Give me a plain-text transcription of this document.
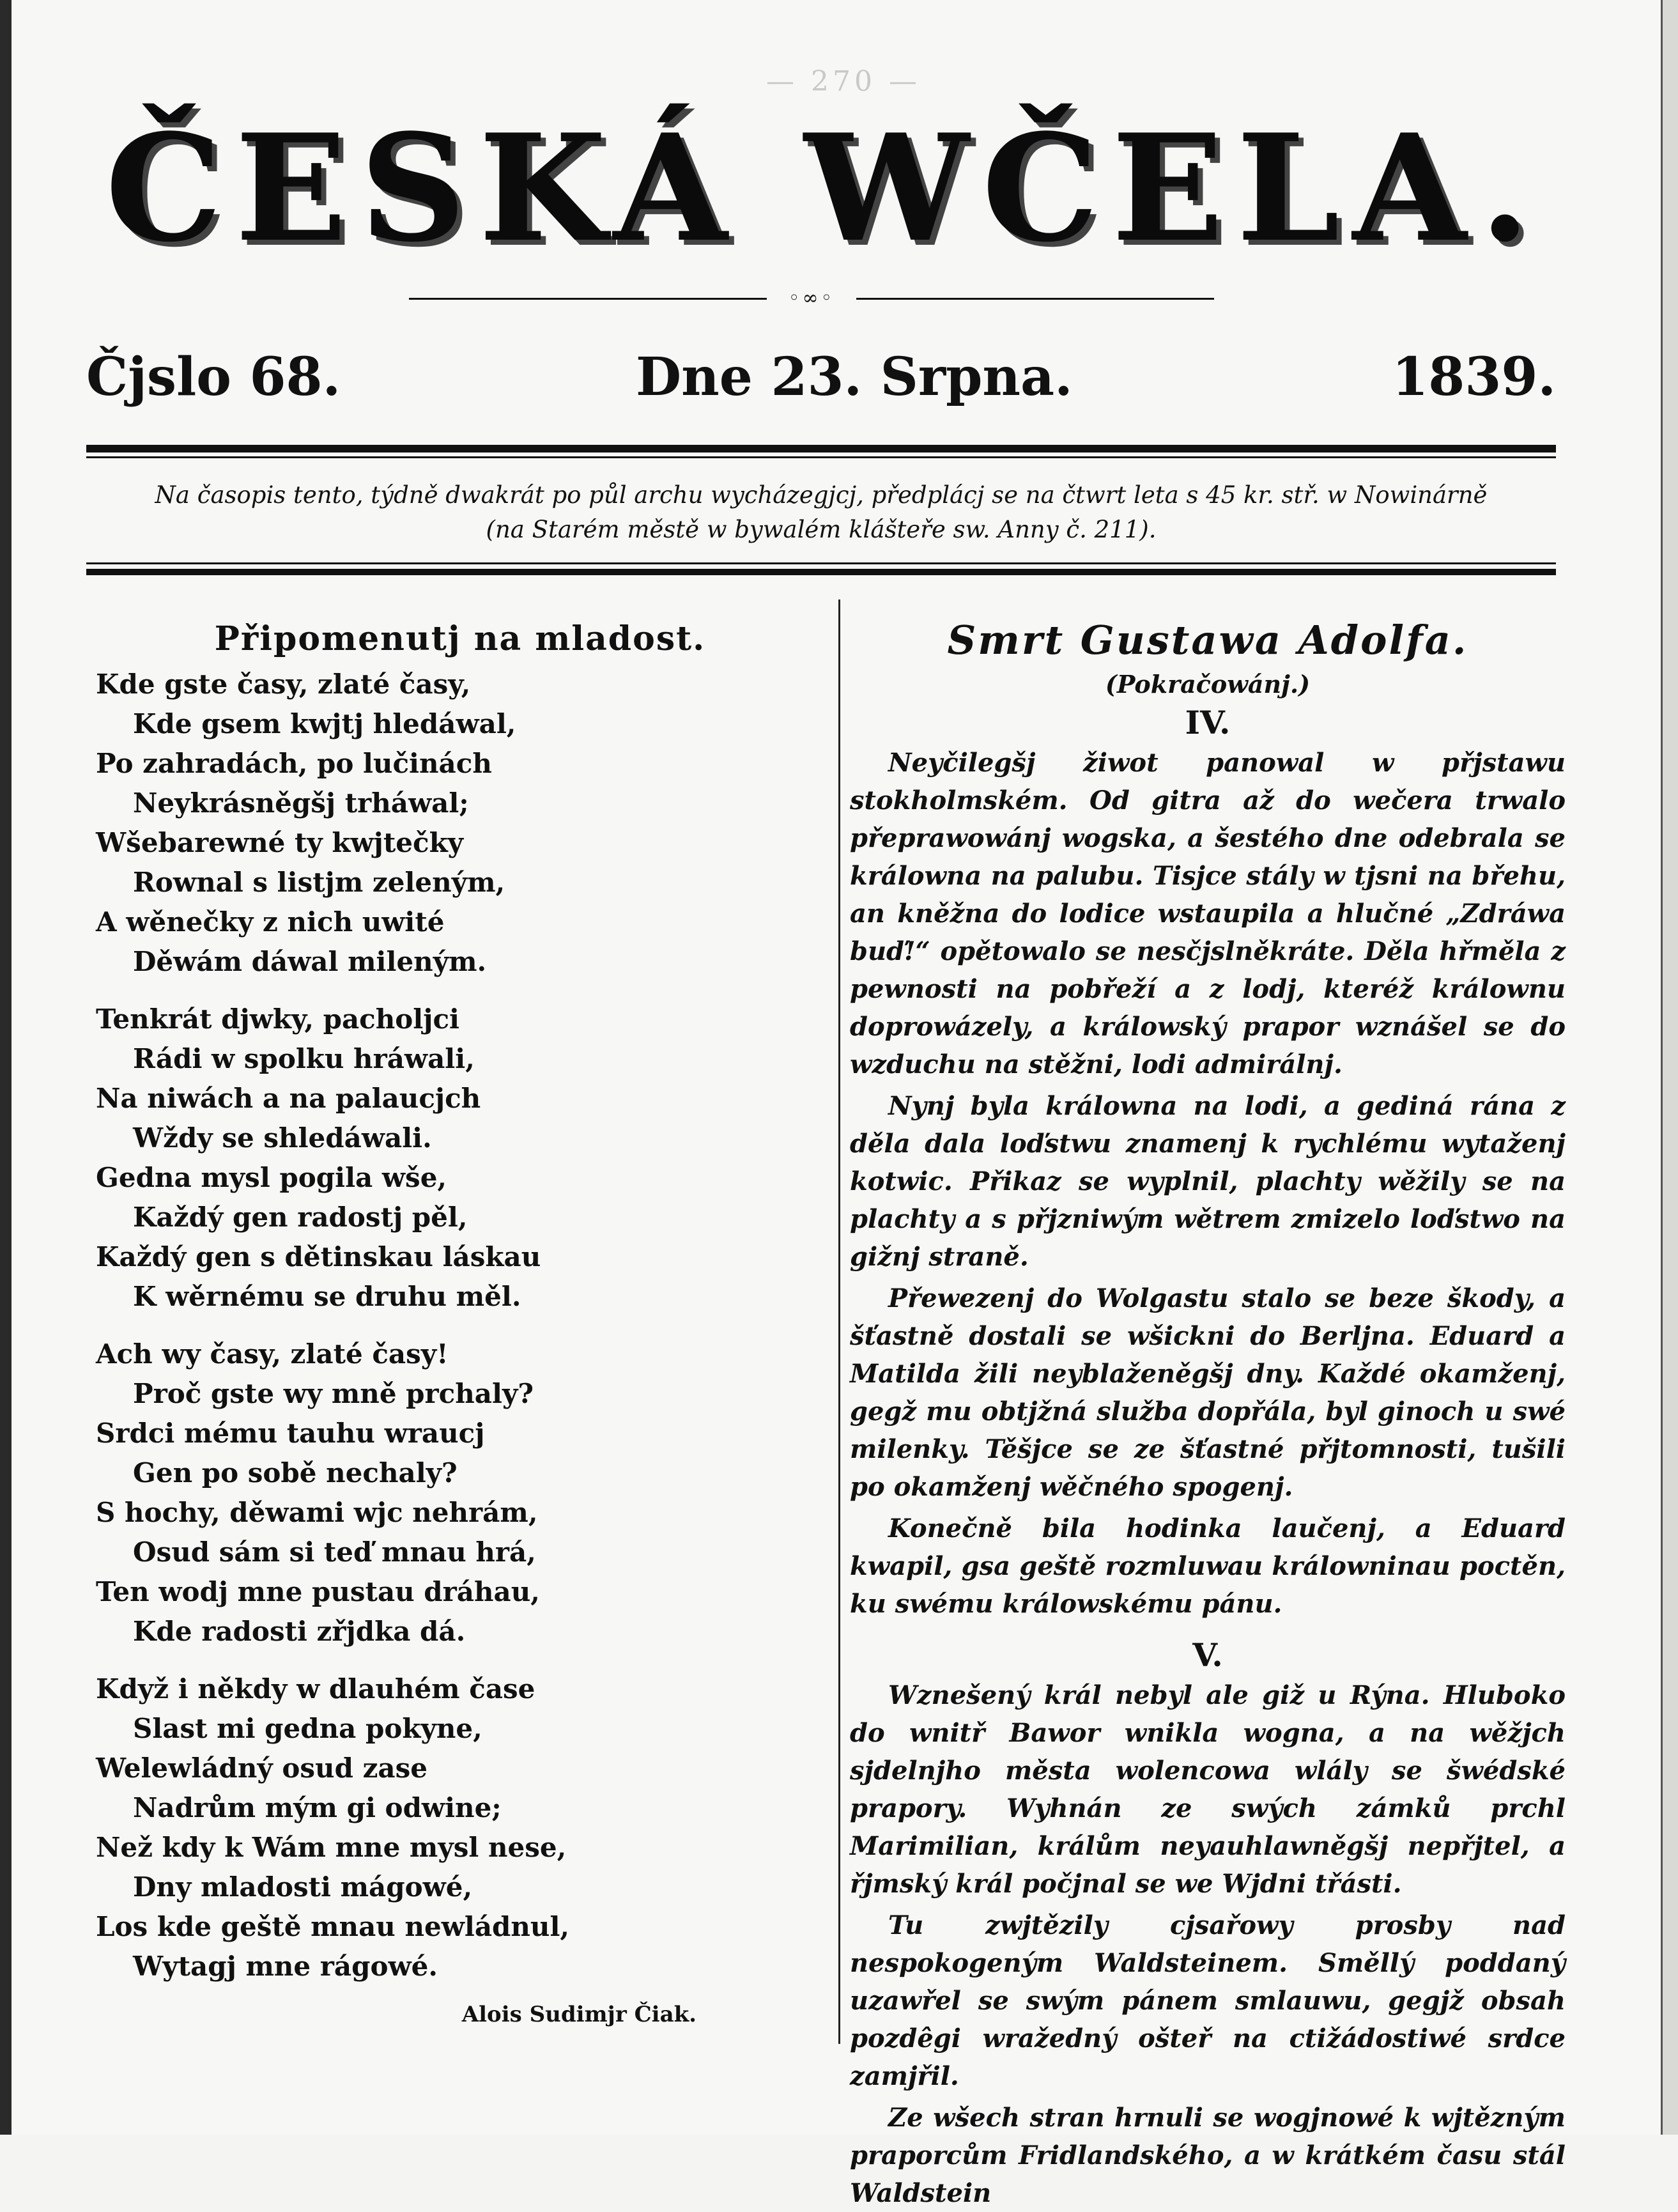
— 270 —
ČESKÁ WČELA.
◦∞◦
Čjslo 68.	Dne 23. Srpna.	1839.
Na časopis tento, týdně dwakrát po půl archu wycházegjcj, předplácj se na čtwrt leta s 45 kr. stř. w Nowinárně
(na Starém městě w bywalém klášteře sw. Anny č. 211).
Připomenutj na mladost.
Kde gste časy, zlaté časy,
Kde gsem kwjtj hledáwal,
Po zahradách, po lučinách
Neykrásněgšj trháwal;
Wšebarewné ty kwjtečky
Rownal s listjm zeleným,
A wěnečky z nich uwité
Děwám dáwal mileným.
Tenkrát djwky, pacholjci
Rádi w spolku hráwali,
Na niwách a na palaucjch
Wždy se shledáwali.
Gedna mysl pogila wše,
Každý gen radostj pěl,
Každý gen s dětinskau láskau
K wěrnému se druhu měl.
Ach wy časy, zlaté časy!
Proč gste wy mně prchaly?
Srdci mému tauhu wraucj
Gen po sobě nechaly?
S hochy, děwami wjc nehrám,
Osud sám si teď mnau hrá,
Ten wodj mne pustau dráhau,
Kde radosti zřjdka dá.
Když i někdy w dlauhém čase
Slast mi gedna pokyne,
Welewládný osud zase
Nadrům mým gi odwine;
Než kdy k Wám mne mysl nese,
Dny mladosti mágowé,
Los kde geště mnau newládnul,
Wytagj mne rágowé.
Alois Sudimjr Čiak.
Smrt Gustawa Adolfa.
(Pokračowánj.)
IV.

Neyčilegšj žiwot panowal w přjstawu stokholmském. Od gitra až do wečera trwalo přeprawowánj wogska, a šestého dne odebrala se králowna na palubu. Tisjce stály w tjsni na břehu, an kněžna do lodice wstaupila a hlučné „Zdráwa buď!“ opětowalo se nesčjslněkráte. Děla hřměla z pewnosti na pobřeží a z lodj, kteréž králownu doprowázely, a králowský prapor wznášel se do wzduchu na stěžni, lodi admirálnj.

Nynj byla králowna na lodi, a gediná rána z děla dala loďstwu znamenj k rychlému wytaženj kotwic. Přikaz se wyplnil, plachty wěžily se na plachty a s přjzniwým wětrem zmizelo loďstwo na gižnj straně.

Přewezenj do Wolgastu stalo se beze škody, a šťastně dostali se wšickni do Berljna. Eduard a Matilda žili neyblaženěgšj dny. Každé okamženj, gegž mu obtjžná služba dopřála, byl ginoch u swé milenky. Těšjce se ze šťastné přjtomnosti, tušili po okamženj wěčného spogenj.

Konečně bila hodinka laučenj, a Eduard kwapil, gsa geště rozmluwau králowninau poctěn, ku swému králowskému pánu.

V.

Wznešený král nebyl ale giž u Rýna. Hluboko do wnitř Bawor wnikla wogna, a na wěžjch sjdelnjho města wolencowa wlály se šwédské prapory. Wyhnán ze swých zámků prchl Marimilian, králům neyauhlawněgšj nepřjtel, a řjmský král počjnal se we Wjdni třásti.

Tu zwjtězily cjsařowy prosby nad nespokogeným Waldsteinem. Směllý poddaný uzawřel se swým pánem smlauwu, gegjž obsah pozdêgi wražedný ošteř na ctižádostiwé srdce zamjřil.

Ze wšech stran hrnuli se wogjnowé k wjtězným praporcům Fridlandského, a w krátkém času stál Waldstein
